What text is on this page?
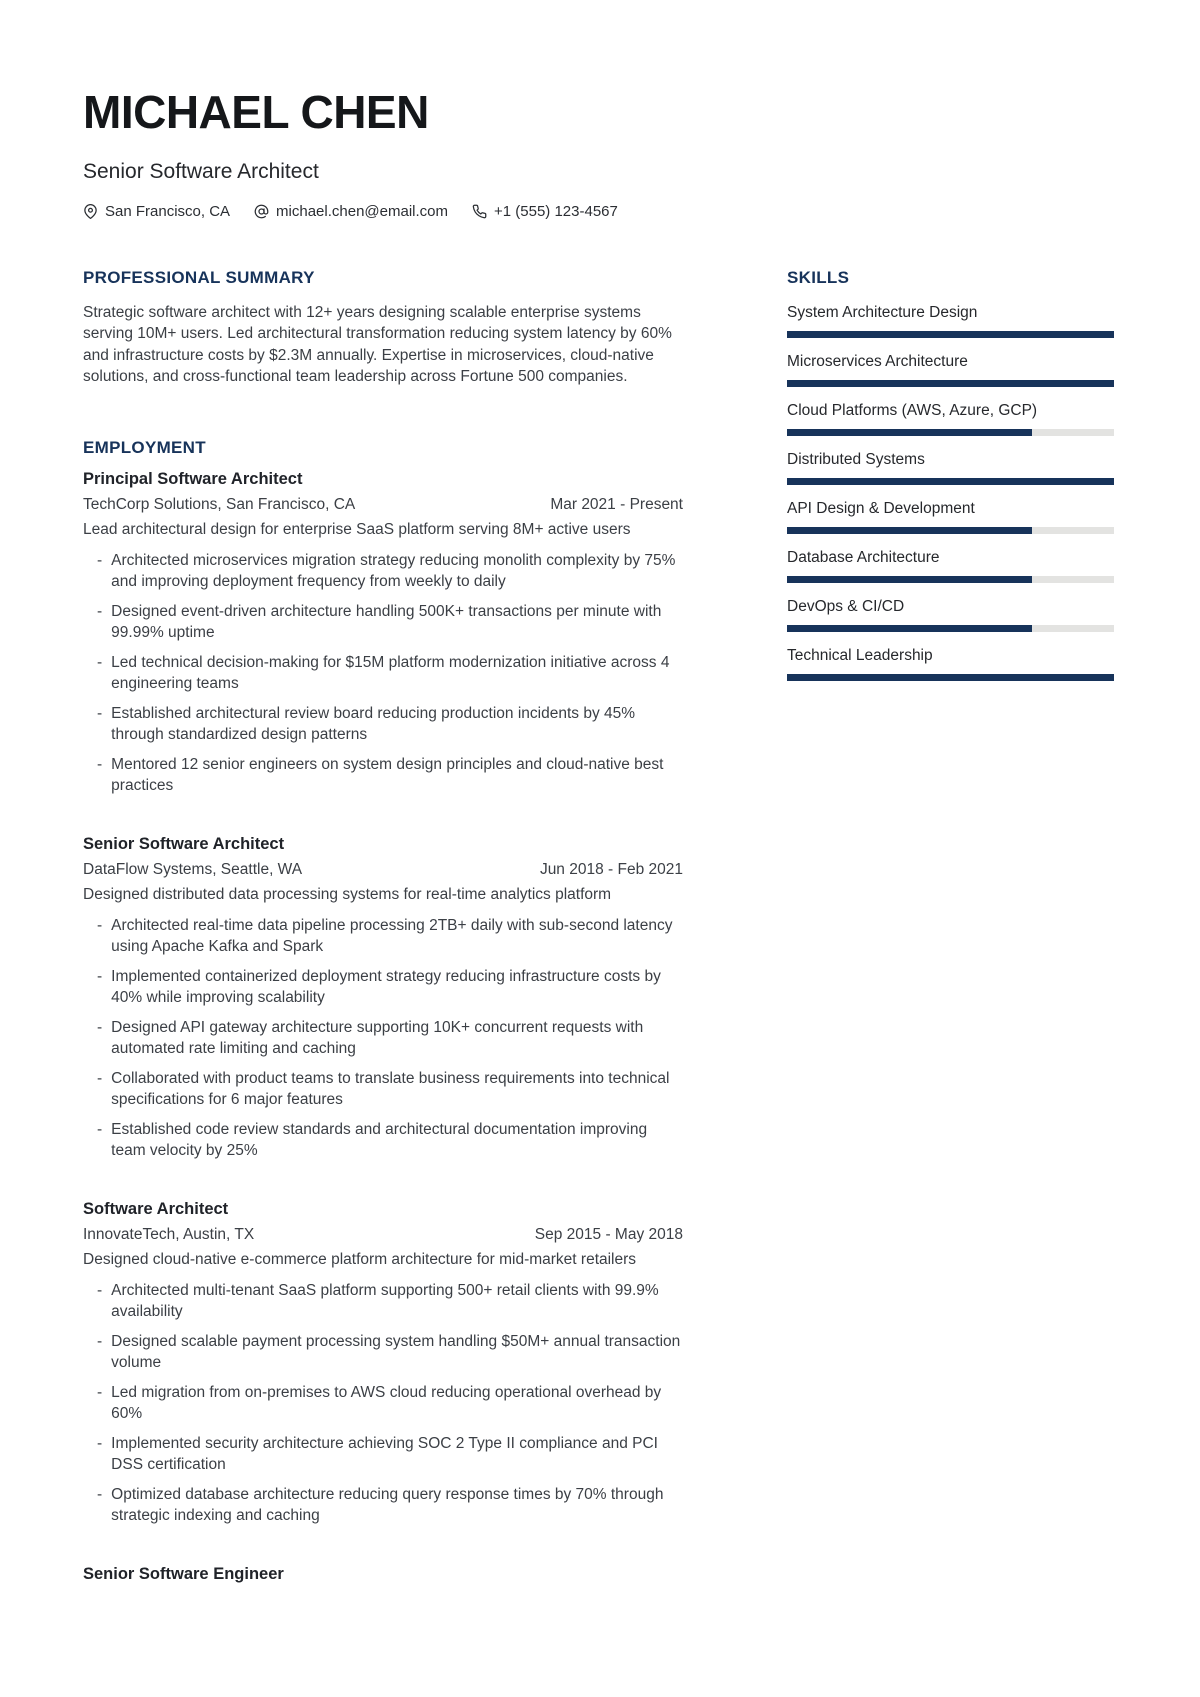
MICHAEL CHEN
Senior Software Architect
San Francisco, CA	michael.chen@email.com	+1 (555) 123-4567
PROFESSIONAL SUMMARY

Strategic software architect with 12+ years designing scalable enterprise systems serving 10M+ users. Led architectural transformation reducing system latency by 60% and infrastructure costs by $2.3M annually. Expertise in microservices, cloud-native solutions, and cross-functional team leadership across Fortune 500 companies.

EMPLOYMENT
Principal Software Architect
TechCorp Solutions, San Francisco, CA	Mar 2021 - Present
Lead architectural design for enterprise SaaS platform serving 8M+ active users
- Architected microservices migration strategy reducing monolith complexity by 75% and improving deployment frequency from weekly to daily
- Designed event-driven architecture handling 500K+ transactions per minute with 99.99% uptime
- Led technical decision-making for $15M platform modernization initiative across 4 engineering teams
- Established architectural review board reducing production incidents by 45% through standardized design patterns
- Mentored 12 senior engineers on system design principles and cloud-native best practices
Senior Software Architect
DataFlow Systems, Seattle, WA	Jun 2018 - Feb 2021
Designed distributed data processing systems for real-time analytics platform
- Architected real-time data pipeline processing 2TB+ daily with sub-second latency using Apache Kafka and Spark
- Implemented containerized deployment strategy reducing infrastructure costs by 40% while improving scalability
- Designed API gateway architecture supporting 10K+ concurrent requests with automated rate limiting and caching
- Collaborated with product teams to translate business requirements into technical specifications for 6 major features
- Established code review standards and architectural documentation improving team velocity by 25%
Software Architect
InnovateTech, Austin, TX	Sep 2015 - May 2018
Designed cloud-native e-commerce platform architecture for mid-market retailers
- Architected multi-tenant SaaS platform supporting 500+ retail clients with 99.9% availability
- Designed scalable payment processing system handling $50M+ annual transaction volume
- Led migration from on-premises to AWS cloud reducing operational overhead by 60%
- Implemented security architecture achieving SOC 2 Type II compliance and PCI DSS certification
- Optimized database architecture reducing query response times by 70% through strategic indexing and caching
Senior Software Engineer
SKILLS
System Architecture Design
Microservices Architecture
Cloud Platforms (AWS, Azure, GCP)
Distributed Systems
API Design & Development
Database Architecture
DevOps & CI/CD
Technical Leadership
